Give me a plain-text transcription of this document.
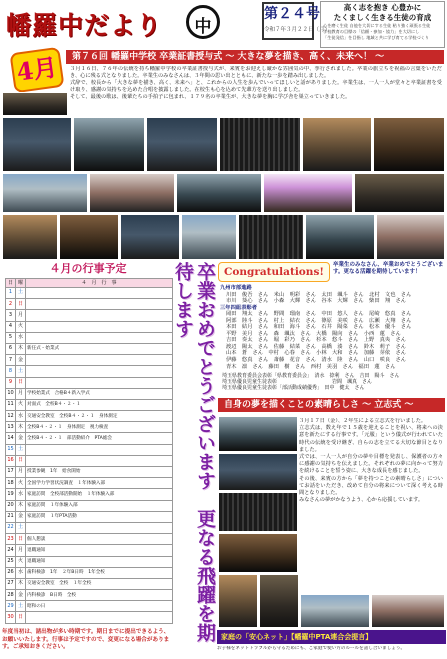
幡羅中だより	中
第２４号
令和７年３月２２日（月）
高く志を抱き 心豊かに
たくましく生きる生徒の育成
心を磨く生徒 自他を大切にする生徒 粘り強く頑張る生徒
学校教育の目標の「信頼・参加・協力」を大切にし
「生徒発信」を目指し 地域と共に学び育てる学校づくり
4月	第７６回 幡羅中学校 卒業証書授与式 ～ 大きな夢を描き、高く、未来へ！ ～

３月１６日、７６年の伝統を持ち幡羅中学校の卒業証書授与式が、来賓をお迎えし厳かな雰囲気の中、挙行されました。卒業の旅立ちを祝福の言葉をいただき、心に残る式となりました。卒業生のみなさんは、３年間の思い出とともに、新たな一歩を踏み出しました。

式辞で、校長から「大きな夢を描き、高く、未来へ」と、これからの人生を歩んでいってほしいと話がありました。卒業生は、一人一人が堂々と卒業証書を受け取り、感謝の気持ちを込めた合唱を披露しました。在校生も心を込めて先輩方を送り出しました。

そして、最後の歌は、後輩たちの手拍子に包まれ、１７９名の卒業生が、大きな夢を胸に学び舎を巣立っていきました。

４月の行事予定
日	曜	４　月　行　事
1	土	
2	日	
3	月	
4	火	
5	水	
6	木	新任式・始業式
7	金	
8	土	
9	日	
10	月	学校始業式　合格B４新入学式
11	火	対面式　全校B４・２・１
12	水	交通安全教室　全校B４・２・１　身体測定
13	木	全校B４・２・１　身体測定　視力検査
14	金	全校B４・２・１　部活動紹介　PTA総会
15	土	
16	日	
17	月	授業参観　1年　給食開始
18	火	全国学力学習状況調査　１年体験入部
19	水	家庭訪問　全校部活動開始　１年体験入部
20	木	家庭訪問　１年体験入部
21	金	家庭訪問　１年PTA活動
22	土	
23	日	個人懇談
24	月	退職通知
25	火	退職通知
26	水	歯科検診　1年　２年B日時　1年全校
27	木	交通安全教室　全校　１年全校
28	金	内科検診　B日時　全校
29	土	昭和の日
30	日	
年度当初は、諸出物が多い時期です。期日までに提出できるよう、お願いいたします。行事は予定ですので、変更になる場合があります。ご承知おきください。
卒業おめでとうございます　更なる飛躍を期待します	Congratulations!
卒業生のみなさん、卒業おめでとうございます。更なる活躍を期待しています！
九州市部進路
川田　俊吾　さん　米山　明彩　さん　太田　颯斗　さん　北村　文也　さん
市川　葵心　さん　小森　大輝　さん　谷本　大輝　さん　柴田　翔　さん
三年四組表彰者
岡田　翔太　さん　野間　瑠南　さん　中田　悠人　さん　尾崎　悠真　さん
阿部　陸斗　さん　村上　結衣　さん　篠原　美咲　さん　広瀬　大翔　さん
本田　結月　さん　和田　海斗　さん　石井　陽菜　さん　松本　優斗　さん
平野　美月　さん　森　颯汰　さん　大橋　陽向　さん　小西　蓮　さん
吉田　奏太　さん　堀　彩乃　さん　杉本　悠斗　さん　上野　真央　さん
渡辺　陽太　さん　佐藤　結菜　さん　高橋　湊　さん　鈴木　莉子　さん
山本　蒼　さん　中村　心春　さん　小林　大和　さん　加藤　芽依　さん
伊藤　悠真　さん　斎藤　花音　さん　清水　陸　さん　山口　咲良　さん
青木　凛　さん　藤田　樹　さん　西村　美羽　さん　福田　蓮　さん
埼玉県教育委員会表彰「県教育委員会」　清水　捺利　さん　吉田　陽斗　さん
埼玉県優良児童生徒表彰　　　　　　　　　　　岩間　颯真　さん
埼玉県優良児童生徒表彰「部活動成績優秀」　田中　健太　さん
自身の夢を描くことの素晴らしさ ～ 立志式 ～

３月１７日（金）、２年生による立志式を行いました。

立志式は、数え年で１５歳を迎えることを祝い、将来への決意を新たにする行事です。「元服」という儀式が行われていた時代の伝統を受け継ぎ、自らの志を立てる大切な節目となりました。

式では、一人一人が自分の夢や目標を発表し、保護者の方々に感謝の気持ちを伝えました。それぞれの夢に向かって努力を続けることを誓う姿に、大きな成長を感じました。

その後、来賓の方から「夢を持つことの素晴らしさ」についてお話をいただき、改めて自分の将来について深く考える時間となりました。

みなさんの夢がかなうよう、心から応援しています。

家庭の「安心ネット」【幡羅中PTA連合会提言】
お子様をネットトラブルから守るためにも、ご家庭で使い方のルールを話し合いましょう。
